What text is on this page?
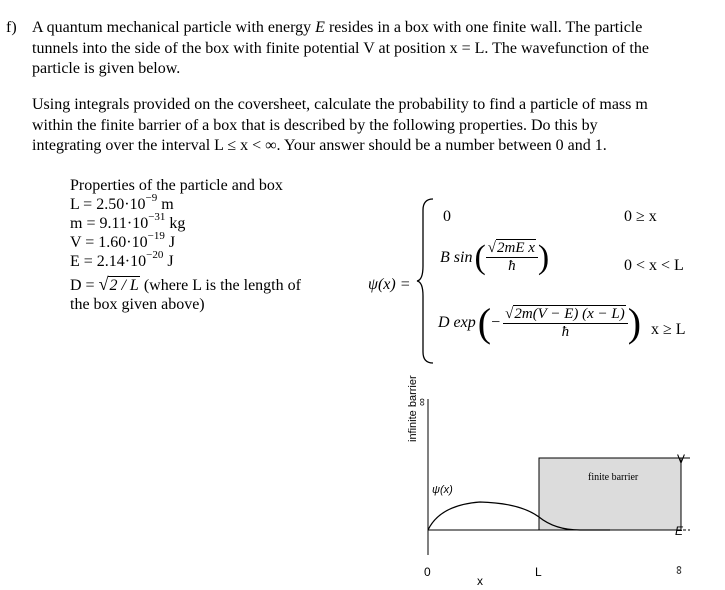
f) A quantum mechanical particle with energy E resides in a box with one finite wall. The particle
tunnels into the side of the box with finite potential V at position x = L. The wavefunction of the
particle is given below.
Using integrals provided on the coversheet, calculate the probability to find a particle of mass m
within the finite barrier of a box that is described by the following properties. Do this by
integrating over the interval L ≤ x < ∞. Your answer should be a number between 0 and 1.
Properties of the particle and box
$L = 2.50\cdot 10^{-9}$ m
$m = 9.11\cdot 10^{-31}$ kg
$V = 1.60\cdot 10^{-19}$ J
$E = 2.14\cdot 10^{-20}$ J
D = √2 / L (where L is the length of
the box given above)
ψ(x) =
0	0 ≥ x
B sin ( $\frac{\text{√2mE x}}{ħ}$ )	0 < x < L
D exp ( − $\frac{√2m(V - E) (x - L)}{ħ}$ ) x ≥ L
infinite barrier
∞
ψ(x)
finite barrier
V
E
0	L	∞
x
